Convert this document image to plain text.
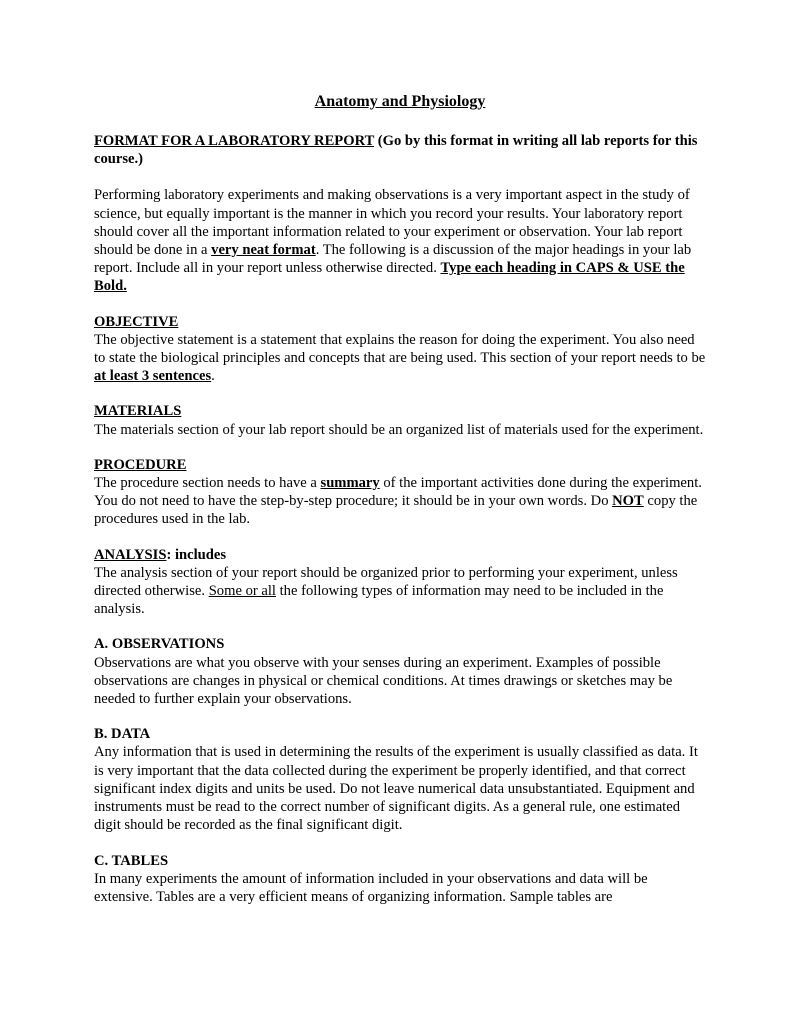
Anatomy and Physiology

FORMAT FOR A LABORATORY REPORT (Go by this format in writing all lab reports for this course.)

Performing laboratory experiments and making observations is a very important aspect in the study of science, but equally important is the manner in which you record your results. Your laboratory report should cover all the important information related to your experiment or observation. Your lab report should be done in a very neat format. The following is a discussion of the major headings in your lab report. Include all in your report unless otherwise directed. Type each heading in CAPS & USE the Bold.

OBJECTIVE

The objective statement is a statement that explains the reason for doing the experiment. You also need to state the biological principles and concepts that are being used. This section of your report needs to be at least 3 sentences.

MATERIALS

The materials section of your lab report should be an organized list of materials used for the experiment.

PROCEDURE

The procedure section needs to have a summary of the important activities done during the experiment. You do not need to have the step-by-step procedure; it should be in your own words. Do NOT copy the procedures used in the lab.

ANALYSIS: includes

The analysis section of your report should be organized prior to performing your experiment, unless directed otherwise. Some or all the following types of information may need to be included in the analysis.

A. OBSERVATIONS

Observations are what you observe with your senses during an experiment. Examples of possible observations are changes in physical or chemical conditions. At times drawings or sketches may be needed to further explain your observations.

B. DATA

Any information that is used in determining the results of the experiment is usually classified as data. It is very important that the data collected during the experiment be properly identified, and that correct significant index digits and units be used. Do not leave numerical data unsubstantiated. Equipment and instruments must be read to the correct number of significant digits. As a general rule, one estimated digit should be recorded as the final significant digit.

C. TABLES

In many experiments the amount of information included in your observations and data will be extensive. Tables are a very efficient means of organizing information. Sample tables are
